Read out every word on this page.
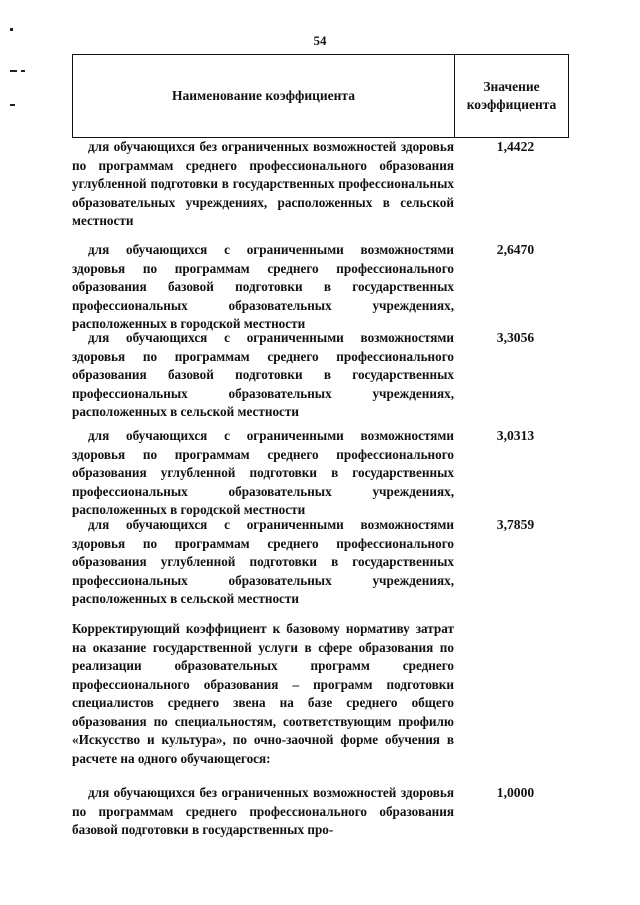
54
Наименование коэффициента
Значение
коэффициента
для обучающихся без ограниченных возможностей здоровья по программам среднего профессионального образования углубленной подготовки в государственных профессиональных образовательных учреждениях, расположенных в сельской местности
1,4422
для обучающихся с ограниченными возможностями здоровья по программам среднего профессионального образования базовой подготовки в государственных профессиональных образовательных учреждениях, расположенных в городской местности
2,6470
для обучающихся с ограниченными возможностями здоровья по программам среднего профессионального образования базовой подготовки в государственных профессиональных образовательных учреждениях, расположенных в сельской местности
3,3056
для обучающихся с ограниченными возможностями здоровья по программам среднего профессионального образования углубленной подготовки в государственных профессиональных образовательных учреждениях, расположенных в городской местности
3,0313
для обучающихся с ограниченными возможностями здоровья по программам среднего профессионального образования углубленной подготовки в государственных профессиональных образовательных учреждениях, расположенных в сельской местности
3,7859
Корректирующий коэффициент к базовому нормативу затрат на оказание государственной услуги в сфере образования по реализации образовательных программ среднего профессионального образования – программ подготовки специалистов среднего звена на базе среднего общего образования по специальностям, соответствующим профилю «Искусство и культура», по очно-заочной форме обучения в расчете на одного обучающегося:
для обучающихся без ограниченных возможностей здоровья по программам среднего профессионального образования базовой подготовки в государственных про-
1,0000
